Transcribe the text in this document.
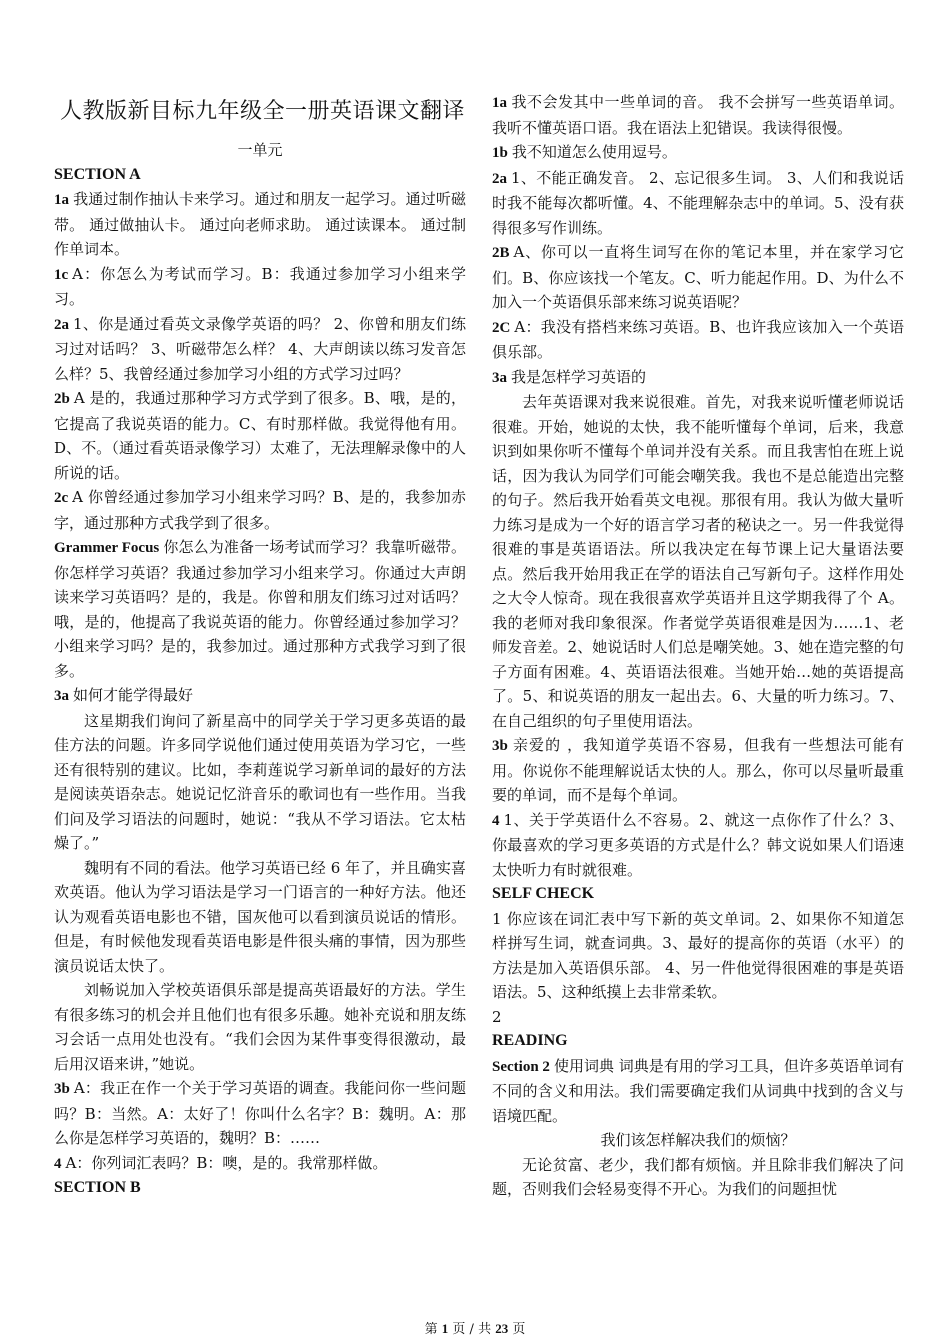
人教版新目标九年级全一册英语课文翻译
一单元
SECTION A

1a 我通过制作抽认卡来学习。通过和朋友一起学习。通过听磁带。 通过做抽认卡。 通过向老师求助。 通过读课本。 通过制作单词本。

1c A：你怎么为考试而学习。B：我通过参加学习小组来学习。

2a 1、你是通过看英文录像学英语的吗？ 2、你曾和朋友们练习过对话吗？ 3、听磁带怎么样？ 4、大声朗读以练习发音怎么样？5、我曾经通过参加学习小组的方式学习过吗？

2b A 是的，我通过那种学习方式学到了很多。B、哦，是的，它提高了我说英语的能力。C、有时那样做。我觉得他有用。D、不。（通过看英语录像学习）太难了，无法理解录像中的人所说的话。

2c A 你曾经通过参加学习小组来学习吗？B、是的，我参加赤字，通过那种方式我学到了很多。

Grammer Focus 你怎么为准备一场考试而学习？我靠听磁带。你怎样学习英语？我通过参加学习小组来学习。你通过大声朗读来学习英语吗？是的，我是。你曾和朋友们练习过对话吗？哦，是的，他提高了我说英语的能力。你曾经通过参加学习？小组来学习吗？是的，我参加过。通过那种方式我学习到了很多。

3a 如何才能学得最好

这星期我们询问了新星高中的同学关于学习更多英语的最佳方法的问题。许多同学说他们通过使用英语为学习它，一些还有很特别的建议。比如，李莉莲说学习新单词的最好的方法是阅读英语杂志。她说记忆浒音乐的歌词也有一些作用。当我们问及学习语法的问题时，她说：“我从不学习语法。它太枯燥了。”

魏明有不同的看法。他学习英语已经 6 年了，并且确实喜欢英语。他认为学习语法是学习一门语言的一种好方法。他还认为观看英语电影也不错，国灰他可以看到演员说话的情形。但是，有时候他发现看英语电影是件很头痛的事情，因为那些演员说话太快了。

刘畅说加入学校英语俱乐部是提高英语最好的方法。学生有很多练习的机会并且他们也有很多乐趣。她补充说和朋友练习会话一点用处也没有。“我们会因为某件事变得很激动，最后用汉语来讲，”她说。

3b A：我正在作一个关于学习英语的调查。我能问你一些问题吗？B：当然。A：太好了！你叫什么名字？B：魏明。A：那么你是怎样学习英语的，魏明？B：……

4 A：你列词汇表吗？B：噢，是的。我常那样做。

SECTION B

1a 我不会发其中一些单词的音。 我不会拼写一些英语单词。我听不懂英语口语。我在语法上犯错误。我读得很慢。

1b 我不知道怎么使用逗号。

2a 1、不能正确发音。 2、忘记很多生词。 3、人们和我说话时我不能每次都听懂。4、不能理解杂志中的单词。5、没有获得很多写作训练。

2B A、你可以一直将生词写在你的笔记本里，并在家学习它们。B、你应该找一个笔友。C、听力能起作用。D、为什么不加入一个英语俱乐部来练习说英语呢？

2C A：我没有搭档来练习英语。B、也许我应该加入一个英语俱乐部。

3a 我是怎样学习英语的

去年英语课对我来说很难。首先，对我来说听懂老师说话很难。开始，她说的太快，我不能听懂每个单词，后来，我意识到如果你听不懂每个单词并没有关系。而且我害怕在班上说话，因为我认为同学们可能会嘲笑我。我也不是总能造出完整的句子。然后我开始看英文电视。那很有用。我认为做大量听力练习是成为一个好的语言学习者的秘诀之一。另一件我觉得很难的事是英语语法。所以我决定在每节课上记大量语法要点。然后我开始用我正在学的语法自己写新句子。这样作用处之大令人惊奇。现在我很喜欢学英语并且这学期我得了个 A。我的老师对我印象很深。作者觉学英语很难是因为……1、老师发音差。2、她说话时人们总是嘲笑她。3、她在造完整的句子方面有困难。4、英语语法很难。当她开始…她的英语提高了。5、和说英语的朋友一起出去。6、大量的听力练习。7、在自己组织的句子里使用语法。

3b 亲爱的 ，我知道学英语不容易，但我有一些想法可能有用。你说你不能理解说话太快的人。那么，你可以尽量听最重要的单词，而不是每个单词。

4 1、关于学英语什么不容易。2、就这一点你作了什么？3、你最喜欢的学习更多英语的方式是什么？韩文说如果人们语速太快听力有时就很难。

SELF CHECK

1 你应该在词汇表中写下新的英文单词。2、如果你不知道怎样拼写生词，就查词典。3、最好的提高你的英语（水平）的方法是加入英语俱乐部。 4、另一件他觉得很困难的事是英语语法。5、这种纸摸上去非常柔软。

2

READING

Section 2 使用词典 词典是有用的学习工具，但许多英语单词有不同的含义和用法。我们需要确定我们从词典中找到的含义与语境匹配。

我们该怎样解决我们的烦恼？

无论贫富、老少，我们都有烦恼。并且除非我们解决了问题，否则我们会轻易变得不开心。为我们的问题担忧

第 1 页 / 共 23 页
